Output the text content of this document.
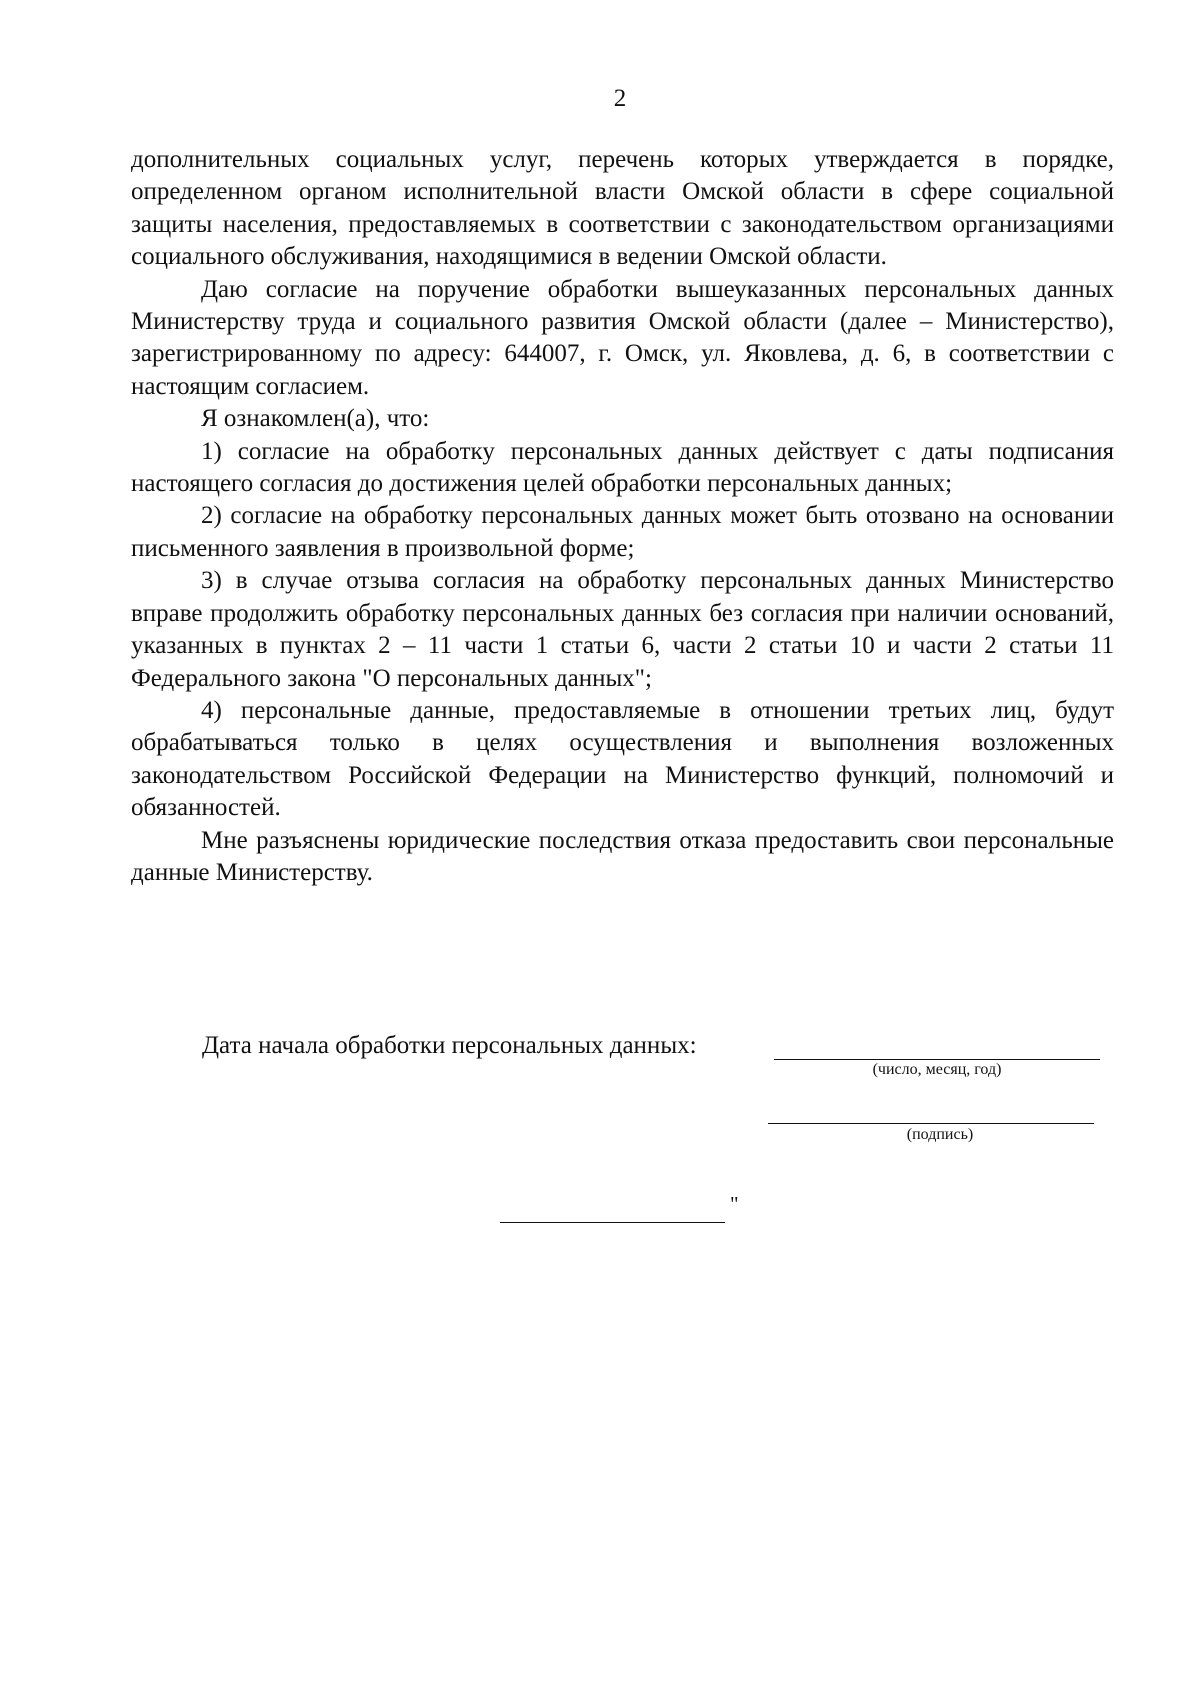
2

дополнительных социальных услуг, перечень которых утверждается в порядке, определенном органом исполнительной власти Омской области в сфере социальной защиты населения, предоставляемых в соответствии с законодательством организациями социального обслуживания, находящимися в ведении Омской области.

Даю согласие на поручение обработки вышеуказанных персональных данных Министерству труда и социального развития Омской области (далее – Министерство), зарегистрированному по адресу: 644007, г. Омск, ул. Яковлева, д. 6, в соответствии с настоящим согласием.

Я ознакомлен(а), что:

1) согласие на обработку персональных данных действует с даты подписания настоящего согласия до достижения целей обработки персональных данных;

2) согласие на обработку персональных данных может быть отозвано на основании письменного заявления в произвольной форме;

3) в случае отзыва согласия на обработку персональных данных Министерство вправе продолжить обработку персональных данных без согласия при наличии оснований, указанных в пунктах 2 – 11 части 1 статьи 6, части 2 статьи 10 и части 2 статьи 11 Федерального закона "О персональных данных";

4) персональные данные, предоставляемые в отношении третьих лиц, будут обрабатываться только в целях осуществления и выполнения возложенных законодательством Российской Федерации на Министерство функций, полномочий и обязанностей.

Мне разъяснены юридические последствия отказа предоставить свои персональные данные Министерству.

Дата начала обработки персональных данных:
(число, месяц, год)
(подпись)
"
